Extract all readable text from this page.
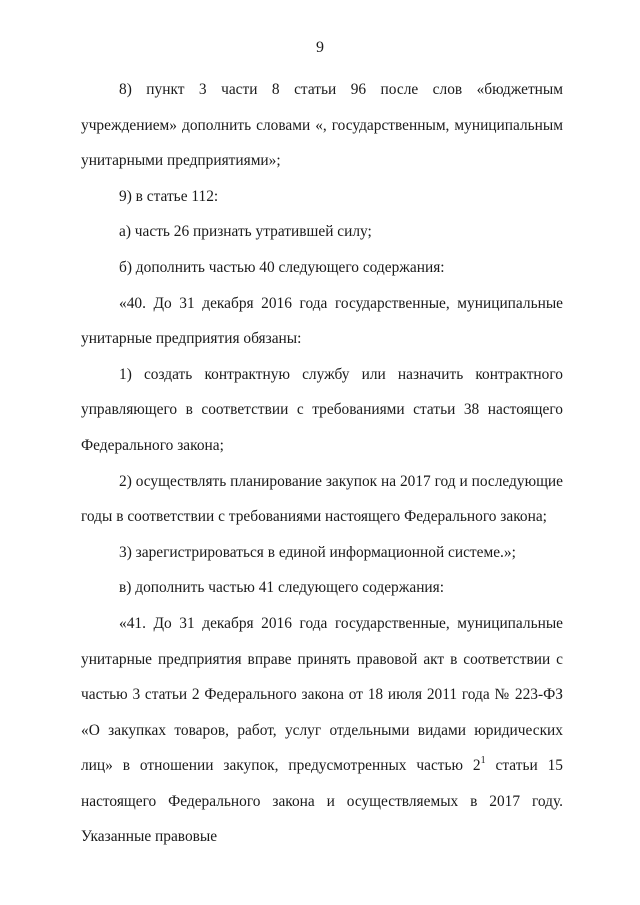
9

8) пункт 3 части 8 статьи 96 после слов «бюджетным учреждением» дополнить словами «, государственным, муниципальным унитарными предприятиями»;

9) в статье 112:

а) часть 26 признать утратившей силу;

б) дополнить частью 40 следующего содержания:

«40. До 31 декабря 2016 года государственные, муниципальные унитарные предприятия обязаны:

1) создать контрактную службу или назначить контрактного управляющего в соответствии с требованиями статьи 38 настоящего Федерального закона;

2) осуществлять планирование закупок на 2017 год и последующие годы в соответствии с требованиями настоящего Федерального закона;

3) зарегистрироваться в единой информационной системе.»;

в) дополнить частью 41 следующего содержания:

«41. До 31 декабря 2016 года государственные, муниципальные унитарные предприятия вправе принять правовой акт в соответствии с частью 3 статьи 2 Федерального закона от 18 июля 2011 года № 223-ФЗ «О закупках товаров, работ, услуг отдельными видами юридических лиц» в отношении закупок, предусмотренных частью $2^1$ статьи 15 настоящего Федерального закона и осуществляемых в 2017 году. Указанные правовые
